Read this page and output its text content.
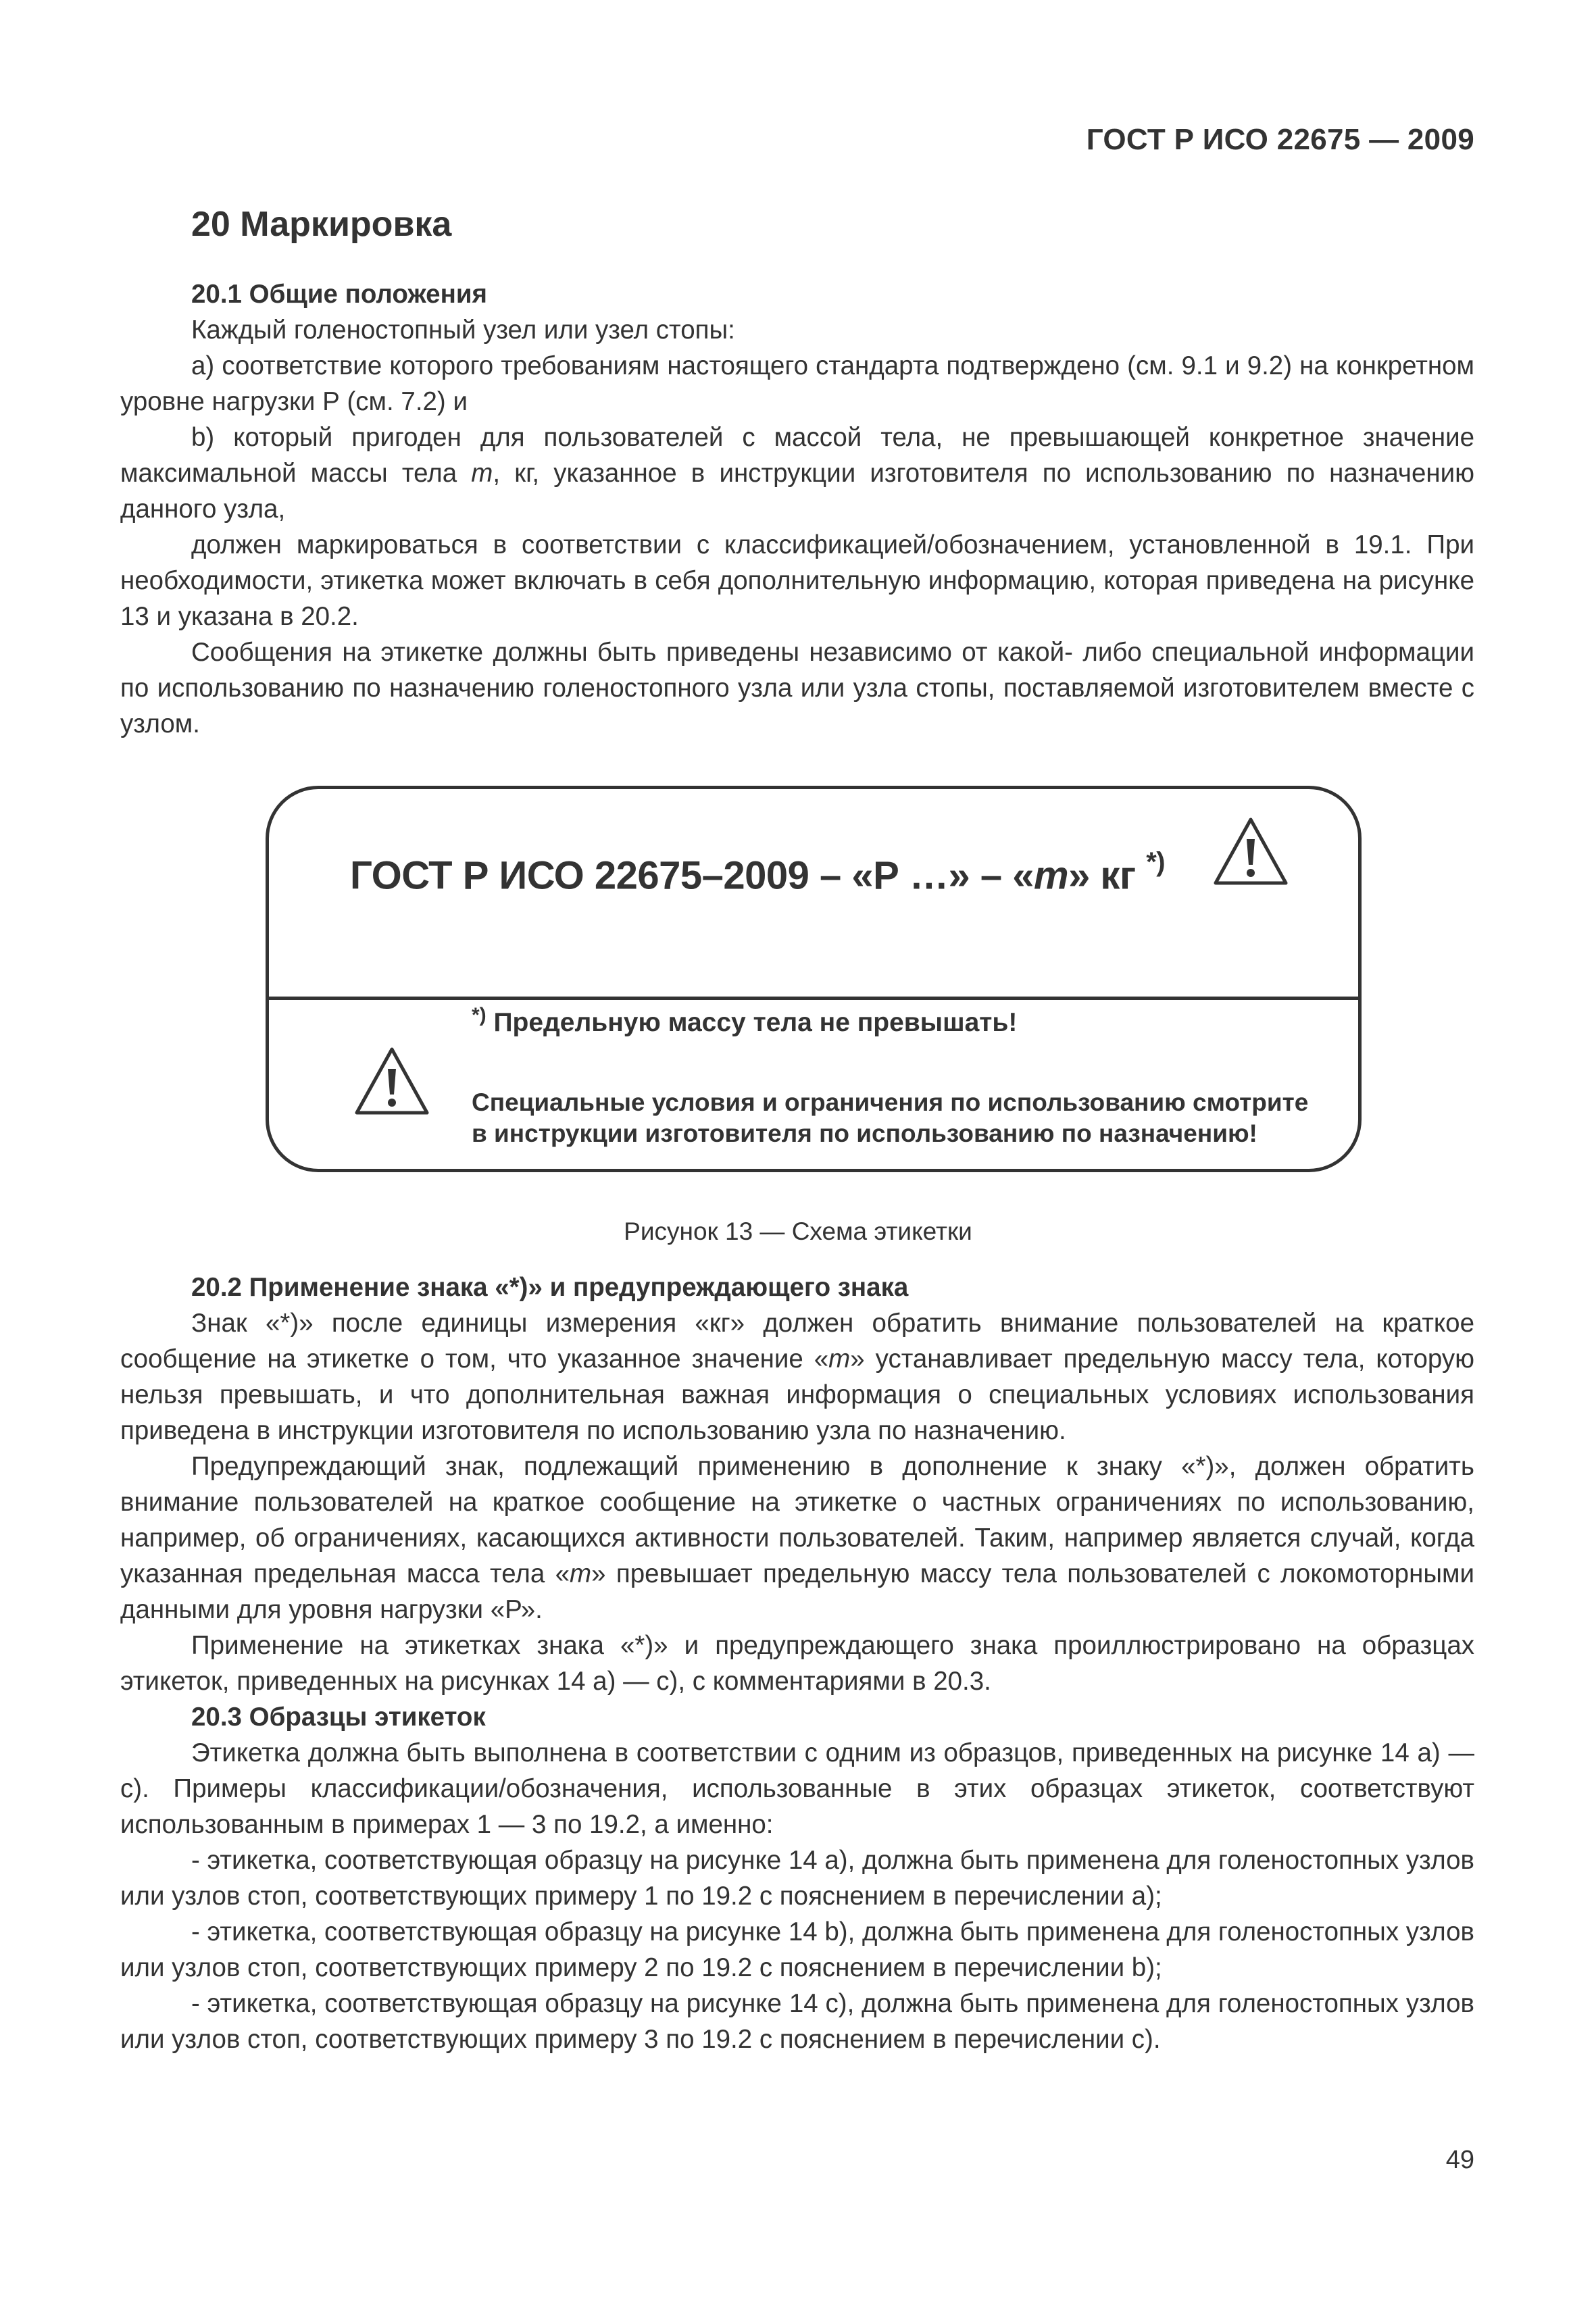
ГОСТ Р ИСО 22675 — 2009
20 Маркировка

20.1 Общие положения

Каждый голеностопный узел или узел стопы:

a) соответствие которого требованиям настоящего стандарта подтверждено (см. 9.1 и 9.2) на конкретном уровне нагрузки Р (см. 7.2) и

b) который пригоден для пользователей с массой тела, не превышающей конкретное значение максимальной массы тела m, кг, указанное в инструкции изготовителя по использованию по назначению данного узла,

должен маркироваться в соответствии с классификацией/обозначением, установленной в 19.1. При необходимости, этикетка может включать в себя дополнительную информацию, которая приведена на рисунке 13 и указана в 20.2.

Сообщения на этикетке должны быть приведены независимо от какой- либо специальной информации по использованию по назначению голеностопного узла или узла стопы, поставляемой изготовителем вместе с узлом.

ГОСТ Р ИСО 22675–2009 – «Р …» – «m» кг *)
*) Предельную массу тела не превышать!
Специальные условия и ограничения по использованию смотрите
в инструкции изготовителя по использованию по назначению!
Рисунок 13 — Схема этикетки

20.2 Применение знака «*)» и предупреждающего знака

Знак «*)» после единицы измерения «кг» должен обратить внимание пользователей на краткое сообщение на этикетке о том, что указанное значение «m» устанавливает предельную массу тела, которую нельзя превышать, и что дополнительная важная информация о специальных условиях использования приведена в инструкции изготовителя по использованию узла по назначению.

Предупреждающий знак, подлежащий применению в дополнение к знаку «*)», должен обратить внимание пользователей на краткое сообщение на этикетке о частных ограничениях по использованию, например, об ограничениях, касающихся активности пользователей. Таким, например является случай, когда указанная предельная масса тела «m» превышает предельную массу тела пользователей с локомоторными данными для уровня нагрузки «Р».

Применение на этикетках знака «*)» и предупреждающего знака проиллюстрировано на образцах этикеток, приведенных на рисунках 14 а) — с), с комментариями в 20.3.

20.3 Образцы этикеток

Этикетка должна быть выполнена в соответствии с одним из образцов, приведенных на рисунке 14 а) — с). Примеры классификации/обозначения, использованные в этих образцах этикеток, соответствуют использованным в примерах 1 — 3 по 19.2, а именно:

- этикетка, соответствующая образцу на рисунке 14 а), должна быть применена для голеностопных узлов или узлов стоп, соответствующих примеру 1 по 19.2 с пояснением в перечислении а);

- этикетка, соответствующая образцу на рисунке 14 b), должна быть применена для голеностопных узлов или узлов стоп, соответствующих примеру 2 по 19.2 с пояснением в перечислении b);

- этикетка, соответствующая образцу на рисунке 14 с), должна быть применена для голеностопных узлов или узлов стоп, соответствующих примеру 3 по 19.2 с пояснением в перечислении с).

49
